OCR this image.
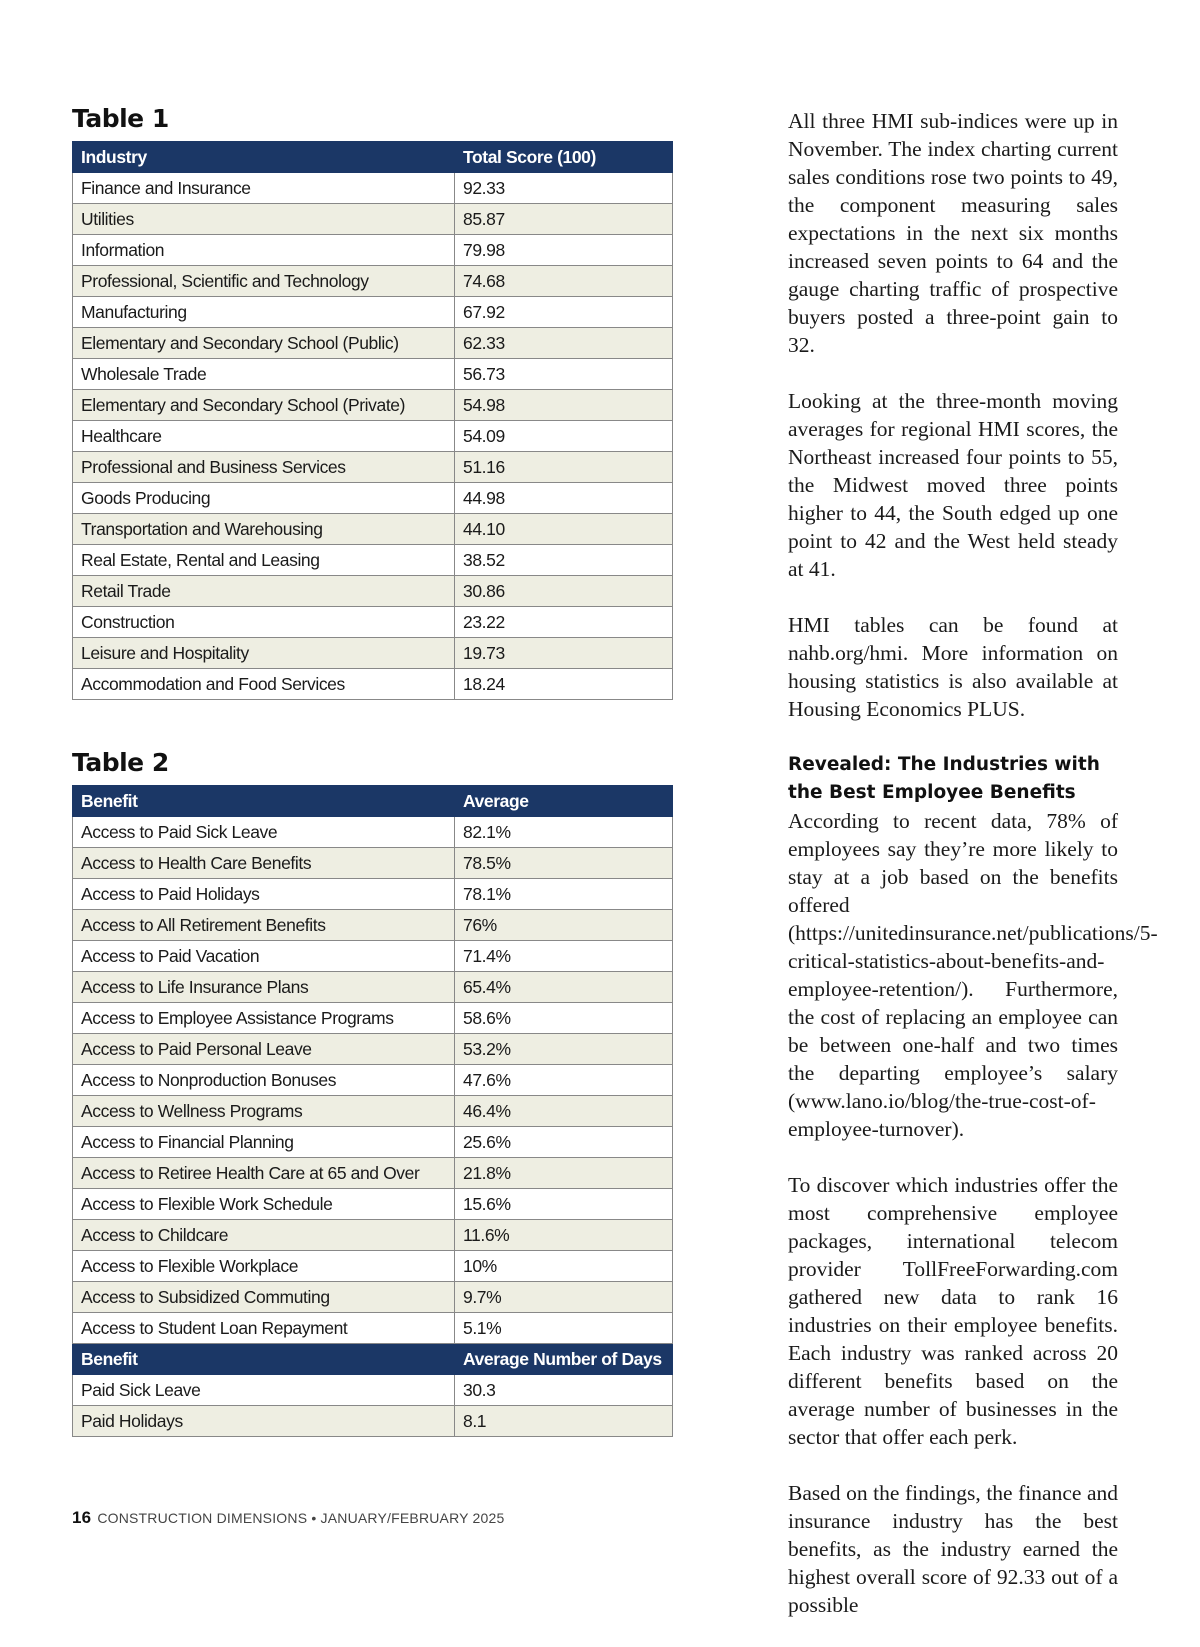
Table 1
Industry	Total Score (100)
Finance and Insurance	92.33
Utilities	85.87
Information	79.98
Professional, Scientific and Technology	74.68
Manufacturing	67.92
Elementary and Secondary School (Public)	62.33
Wholesale Trade	56.73
Elementary and Secondary School (Private)	54.98
Healthcare	54.09
Professional and Business Services	51.16
Goods Producing	44.98
Transportation and Warehousing	44.10
Real Estate, Rental and Leasing	38.52
Retail Trade	30.86
Construction	23.22
Leisure and Hospitality	19.73
Accommodation and Food Services	18.24
Table 2
Benefit	Average
Access to Paid Sick Leave	82.1%
Access to Health Care Benefits	78.5%
Access to Paid Holidays	78.1%
Access to All Retirement Benefits	76%
Access to Paid Vacation	71.4%
Access to Life Insurance Plans	65.4%
Access to Employee Assistance Programs	58.6%
Access to Paid Personal Leave	53.2%
Access to Nonproduction Bonuses	47.6%
Access to Wellness Programs	46.4%
Access to Financial Planning	25.6%
Access to Retiree Health Care at 65 and Over	21.8%
Access to Flexible Work Schedule	15.6%
Access to Childcare	11.6%
Access to Flexible Workplace	10%
Access to Subsidized Commuting	9.7%
Access to Student Loan Repayment	5.1%
Benefit	Average Number of Days
Paid Sick Leave	30.3
Paid Holidays	8.1

All three HMI sub-indices were up in November. The index charting current sales conditions rose two points to 49, the component measuring sales expectations in the next six months increased seven points to 64 and the gauge charting traffic of prospective buyers posted a three-point gain to 32.

Looking at the three-month moving averages for regional HMI scores, the Northeast increased four points to 55, the Midwest moved three points higher to 44, the South edged up one point to 42 and the West held steady at 41.

HMI tables can be found at nahb.org/hmi. More information on housing statistics is also available at Housing Economics PLUS.

Revealed: The Industries with the Best Employee Benefits

According to recent data, 78% of employees say they’re more likely to stay at a job based on the benefits offered (https://unitedinsurance.net/publications/5-critical-statistics-about-benefits-and-employee-retention/). Furthermore, the cost of replacing an employee can be between one-half and two times the departing employee’s salary (www.lano.io/blog/the-true-cost-of-employee-turnover).

To discover which industries offer the most comprehensive employee packages, international telecom provider TollFreeForwarding.com gathered new data to rank 16 industries on their employee benefits. Each industry was ranked across 20 different benefits based on the average number of businesses in the sector that offer each perk.

Based on the findings, the finance and insurance industry has the best benefits, as the industry earned the highest overall score of 92.33 out of a possible

16 CONSTRUCTION DIMENSIONS • JANUARY/FEBRUARY 2025
